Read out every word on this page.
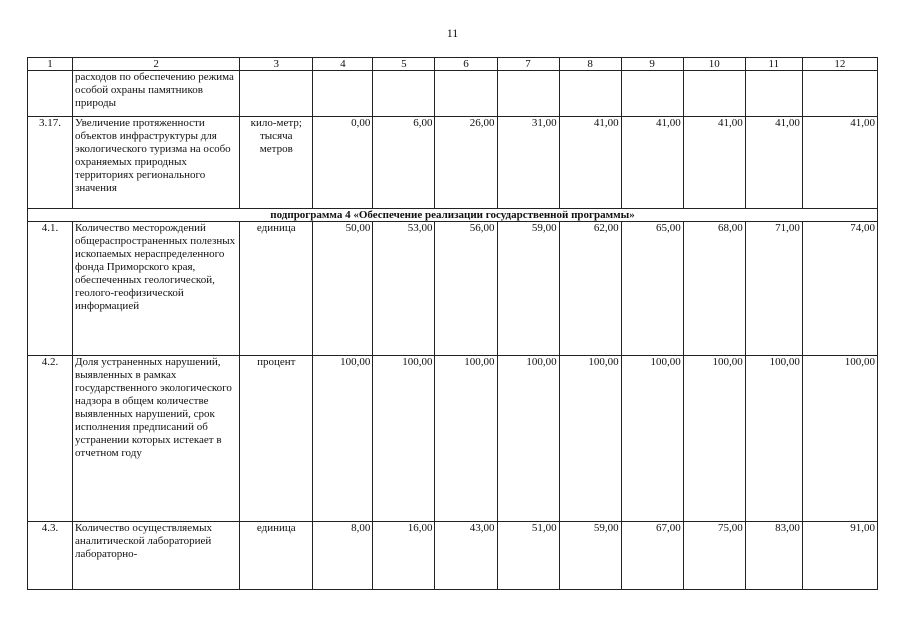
11
1	2	3	4	5	6	7	8	9	10	11	12
	расходов по обеспечению режима особой охраны памятников природы										
3.17.	Увеличение протяженности объектов инфраструктуры для экологического туризма на особо охраняемых природных территориях регионального значения	кило-метр; тысяча метров	0,00	6,00	26,00	31,00	41,00	41,00	41,00	41,00	41,00
подпрограмма 4 «Обеспечение реализации государственной программы»											
4.1.	Количество месторождений общераспространенных полезных ископаемых нераспределенного фонда Приморского края, обеспеченных геологической, геолого-геофизической информацией	единица	50,00	53,00	56,00	59,00	62,00	65,00	68,00	71,00	74,00
4.2.	Доля устраненных нарушений, выявленных в рамках государственного экологического надзора в общем количестве выявленных нарушений, срок исполнения предписаний об устранении которых истекает в отчетном году	процент	100,00	100,00	100,00	100,00	100,00	100,00	100,00	100,00	100,00
4.3.	Количество осуществляемых аналитической лабораторией лабораторно-	единица	8,00	16,00	43,00	51,00	59,00	67,00	75,00	83,00	91,00
